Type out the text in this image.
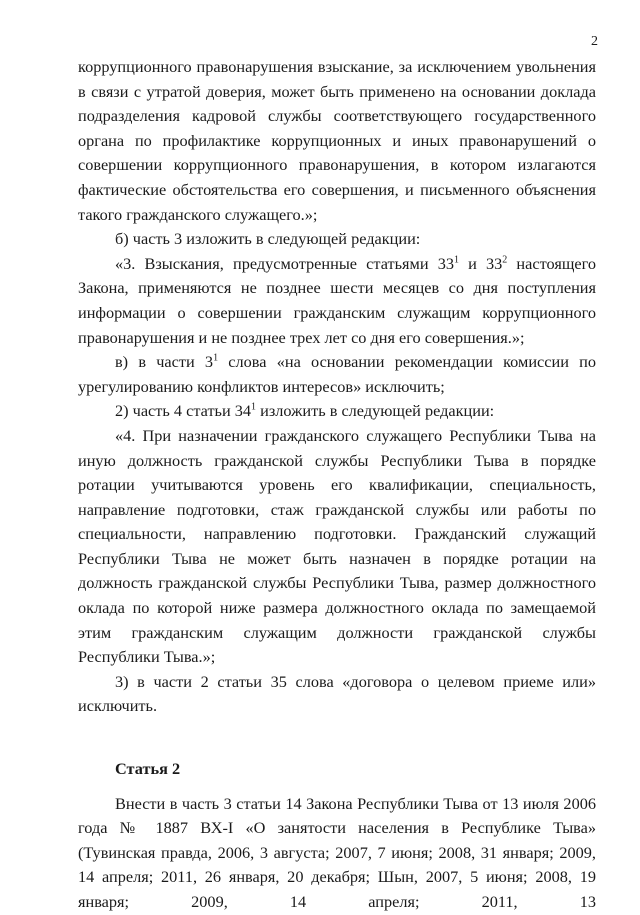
2

коррупционного правонарушения взыскание, за исключением увольнения в связи с утратой доверия, может быть применено на основании доклада подразделения кадровой службы соответствующего государственного органа по профилактике коррупционных и иных правонарушений о совершении коррупционного правонарушения, в котором излагаются фактические обстоятельства его совершения, и письменного объяснения такого гражданского служащего.»;

б) часть 3 изложить в следующей редакции:

«3. Взыскания, предусмотренные статьями $33^1$ и $33^2$ настоящего Закона, применяются не позднее шести месяцев со дня поступления информации о совершении гражданским служащим коррупционного правонарушения и не позднее трех лет со дня его совершения.»;

в) в части $3^1$ слова «на основании рекомендации комиссии по урегулированию конфликтов интересов» исключить;

2) часть 4 статьи $34^1$ изложить в следующей редакции:

«4. При назначении гражданского служащего Республики Тыва на иную должность гражданской службы Республики Тыва в порядке ротации учитываются уровень его квалификации, специальность, направление подготовки, стаж гражданской службы или работы по специальности, направлению подготовки. Гражданский служащий Республики Тыва не может быть назначен в порядке ротации на должность гражданской службы Республики Тыва, размер должностного оклада по которой ниже размера должностного оклада по замещаемой этим гражданским служащим должности гражданской службы Республики Тыва.»;

3) в части 2 статьи 35 слова «договора о целевом приеме или» исключить.

Статья 2

Внести в часть 3 статьи 14 Закона Республики Тыва от 13 июля 2006 года № 1887 ВХ-I «О занятости населения в Республике Тыва» (Тувинская правда, 2006, 3 августа; 2007, 7 июня; 2008, 31 января; 2009, 14 апреля; 2011, 26 января, 20 декабря; Шын, 2007, 5 июня; 2008, 19 января; 2009, 14 апреля; 2011, 13
